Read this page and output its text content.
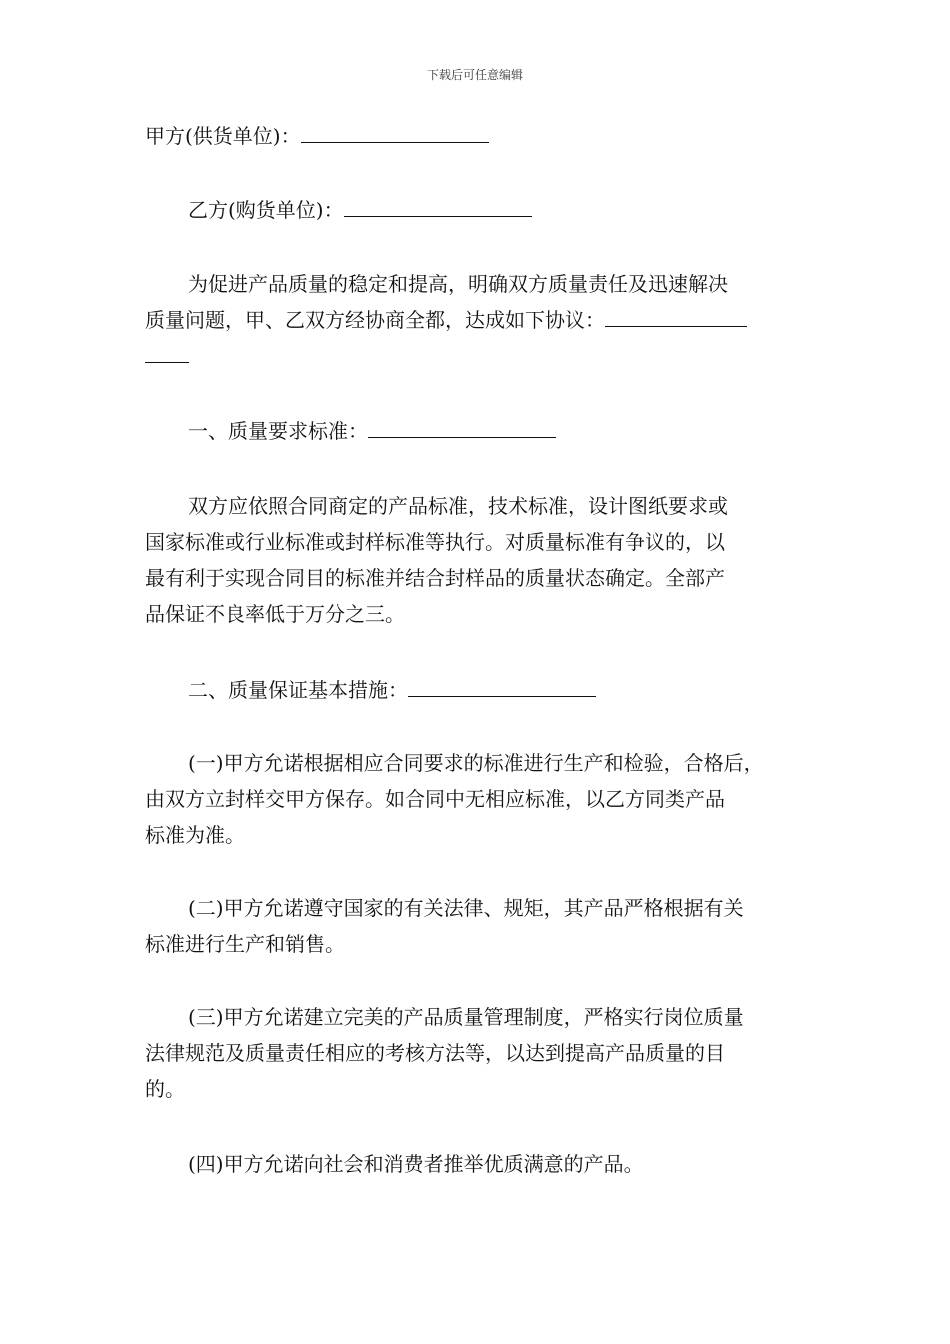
下载后可任意编辑
甲方(供货单位)：
乙方(购货单位)：
为促进产品质量的稳定和提高，明确双方质量责任及迅速解决
质量问题，甲、乙双方经协商全都，达成如下协议：
一、质量要求标准：
双方应依照合同商定的产品标准，技术标准，设计图纸要求或
国家标准或行业标准或封样标准等执行。对质量标准有争议的，以
最有利于实现合同目的标准并结合封样品的质量状态确定。全部产
品保证不良率低于万分之三。
二、质量保证基本措施：
(一)甲方允诺根据相应合同要求的标准进行生产和检验，合格后，
由双方立封样交甲方保存。如合同中无相应标准，以乙方同类产品
标准为准。
(二)甲方允诺遵守国家的有关法律、规矩，其产品严格根据有关
标准进行生产和销售。
(三)甲方允诺建立完美的产品质量管理制度，严格实行岗位质量
法律规范及质量责任相应的考核方法等，以达到提高产品质量的目
的。
(四)甲方允诺向社会和消费者推举优质满意的产品。
